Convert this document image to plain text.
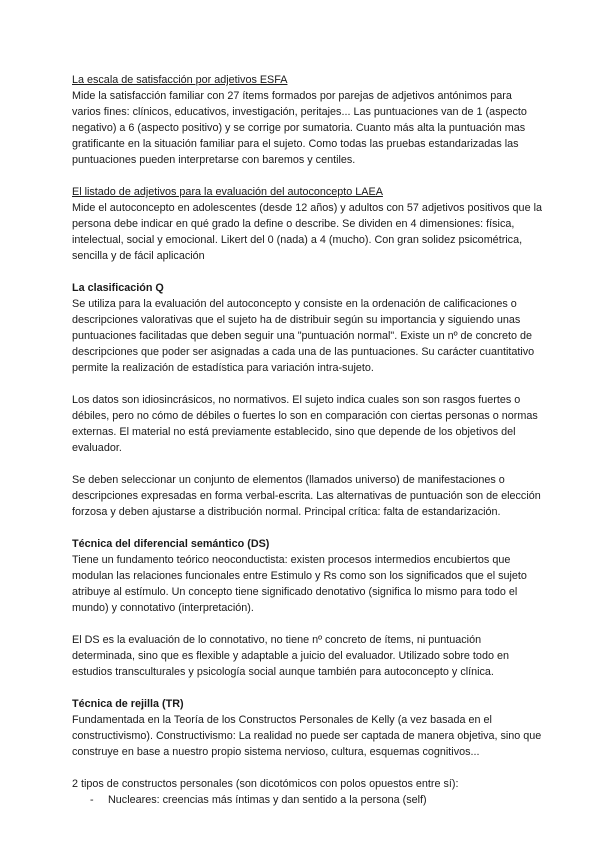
La escala de satisfacción por adjetivos ESFA

Mide la satisfacción familiar con 27 ítems formados por parejas de adjetivos antónimos para varios fines: clínicos, educativos, investigación, peritajes... Las puntuaciones van de 1 (aspecto negativo) a 6 (aspecto positivo) y se corrige por sumatoria. Cuanto más alta la puntuación mas gratificante en la situación familiar para el sujeto. Como todas las pruebas estandarizadas las puntuaciones pueden interpretarse con baremos y centiles.

El listado de adjetivos para la evaluación del autoconcepto LAEA

Mide el autoconcepto en adolescentes (desde 12 años) y adultos con 57 adjetivos positivos que la persona debe indicar en qué grado la define o describe. Se dividen en 4 dimensiones: física, intelectual, social y emocional. Likert del 0 (nada) a 4 (mucho). Con gran solidez psicométrica, sencilla y de fácil aplicación

La clasificación Q

Se utiliza para la evaluación del autoconcepto y consiste en la ordenación de calificaciones o descripciones valorativas que el sujeto ha de distribuir según su importancia y siguiendo unas puntuaciones facilitadas que deben seguir una "puntuación normal". Existe un nº de concreto de descripciones que poder ser asignadas a cada una de las puntuaciones. Su carácter cuantitativo permite la realización de estadística para variación intra-sujeto.

Los datos son idiosincrásicos, no normativos. El sujeto indica cuales son son rasgos fuertes o débiles, pero no cómo de débiles o fuertes lo son en comparación con ciertas personas o normas externas. El material no está previamente establecido, sino que depende de los objetivos del evaluador.

Se deben seleccionar un conjunto de elementos (llamados universo) de manifestaciones o descripciones expresadas en forma verbal-escrita. Las alternativas de puntuación son de elección forzosa y deben ajustarse a distribución normal. Principal crítica: falta de estandarización.

Técnica del diferencial semántico (DS)

Tiene un fundamento teórico neoconductista: existen procesos intermedios encubiertos que modulan las relaciones funcionales entre Estimulo y Rs como son los significados que el sujeto atribuye al estímulo. Un concepto tiene significado denotativo (significa lo mismo para todo el mundo) y connotativo (interpretación).

El DS es la evaluación de lo connotativo, no tiene nº concreto de ítems, ni puntuación determinada, sino que es flexible y adaptable a juicio del evaluador. Utilizado sobre todo en estudios transculturales y psicología social aunque también para autoconcepto y clínica.

Técnica de rejilla (TR)

Fundamentada en la Teoría de los Constructos Personales de Kelly (a vez basada en el constructivismo). Constructivismo: La realidad no puede ser captada de manera objetiva, sino que construye en base a nuestro propio sistema nervioso, cultura, esquemas cognitivos...

2 tipos de constructos personales (son dicotómicos con polos opuestos entre sí):

- Nucleares: creencias más íntimas y dan sentido a la persona (self)
